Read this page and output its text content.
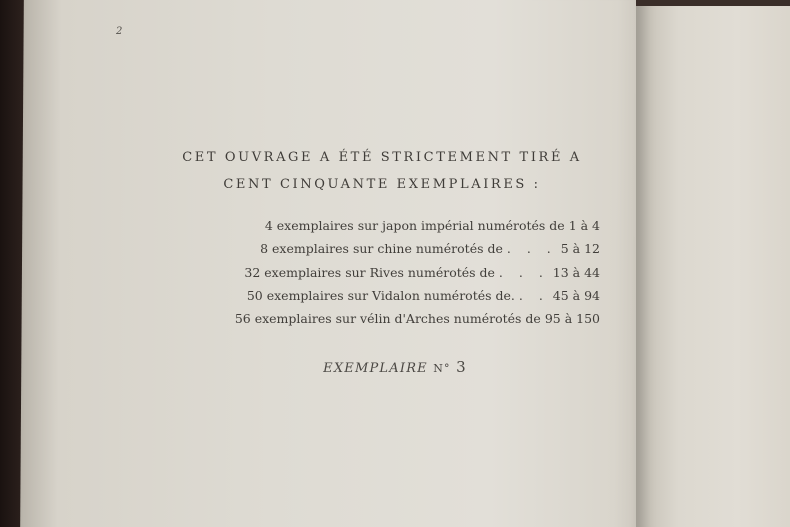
2
CET OUVRAGE A ÉTÉ STRICTEMENT TIRÉ A
CENT CINQUANTE EXEMPLAIRES :
4 exemplaires sur japon impérial numérotés de 1 à 4
8 exemplaires sur chine numérotés de . . . 5 à 12
32 exemplaires sur Rives numérotés de . . . 13 à 44
50 exemplaires sur Vidalon numérotés de. . . 45 à 94
56 exemplaires sur vélin d'Arches numérotés de 95 à 150

EXEMPLAIRE N° 3
